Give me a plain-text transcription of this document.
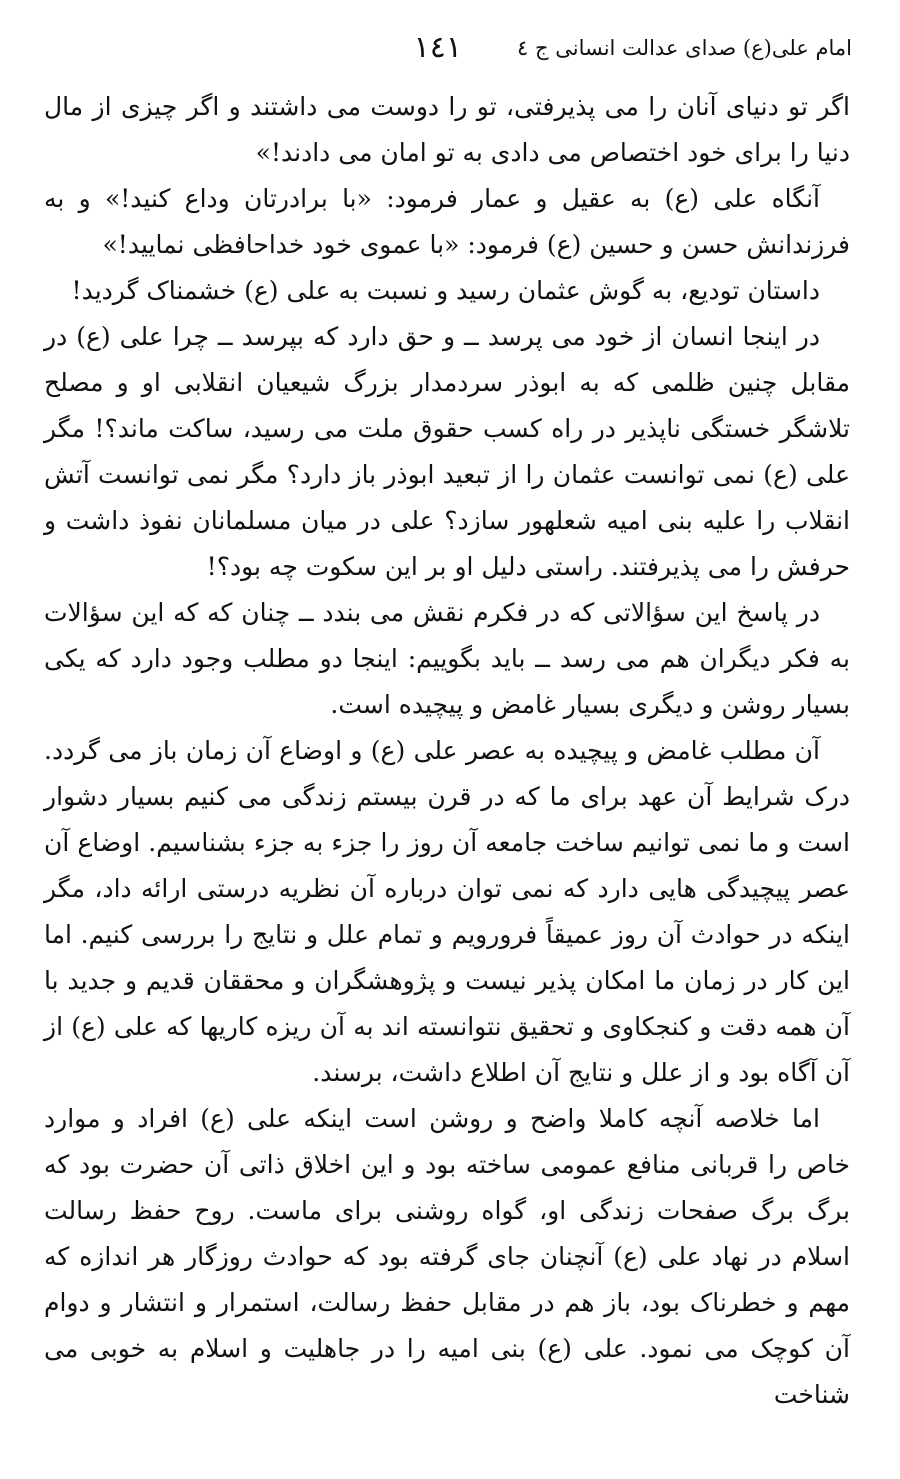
امام علی(ع) صدای عدالت انسانی ج ٤
١٤١

اگر تو دنیای آنان را می پذیرفتی، تو را دوست می داشتند و اگر چیزی از مال دنیا را برای خود اختصاص می دادی به تو امان می دادند!»

آنگاه علی (ع) به عقیل و عمار فرمود: «با برادرتان وداع کنید!» و به فرزندانش حسن و حسین (ع) فرمود: «با عموی خود خداحافظی نمایید!»

داستان تودیع، به گوش عثمان رسید و نسبت به علی (ع) خشمناک گردید!

در اینجا انسان از خود می پرسد ــ و حق دارد که بپرسد ــ چرا علی (ع) در مقابل چنین ظلمی که به ابوذر سردمدار بزرگ شیعیان انقلابی او و مصلح تلاشگر خستگی ناپذیر در راه کسب حقوق ملت می رسید، ساکت ماند؟! مگر علی (ع) نمی توانست عثمان را از تبعید ابوذر باز دارد؟ مگر نمی توانست آتش انقلاب را علیه بنی امیه شعلهور سازد؟ علی در میان مسلمانان نفوذ داشت و حرفش را می پذیرفتند. راستی دلیل او بر این سکوت چه بود؟!

در پاسخ این سؤالاتی که در فکرم نقش می بندد ــ چنان که که این سؤالات به فکر دیگران هم می رسد ــ باید بگوییم: اینجا دو مطلب وجود دارد که یکی بسیار روشن و دیگری بسیار غامض و پیچیده است.

آن مطلب غامض و پیچیده به عصر علی (ع) و اوضاع آن زمان باز می گردد. درک شرایط آن عهد برای ما که در قرن بیستم زندگی می کنیم بسیار دشوار است و ما نمی توانیم ساخت جامعه آن روز را جزء به جزء بشناسیم. اوضاع آن عصر پیچیدگی هایی دارد که نمی توان درباره آن نظریه درستی ارائه داد، مگر اینکه در حوادث آن روز عمیقاً فرورویم و تمام علل و نتایج را بررسی کنیم. اما این کار در زمان ما امکان پذیر نیست و پژوهشگران و محققان قدیم و جدید با آن همه دقت و کنجکاوی و تحقیق نتوانسته اند به آن ریزه کاریها که علی (ع) از آن آگاه بود و از علل و نتایج آن اطلاع داشت، برسند.

اما خلاصه آنچه کاملا واضح و روشن است اینکه علی (ع) افراد و موارد خاص را قربانی منافع عمومی ساخته بود و این اخلاق ذاتی آن حضرت بود که برگ برگ صفحات زندگی او، گواه روشنی برای ماست. روح حفظ رسالت اسلام در نهاد علی (ع) آنچنان جای گرفته بود که حوادث روزگار هر اندازه که مهم و خطرناک بود، باز هم در مقابل حفظ رسالت، استمرار و انتشار و دوام آن کوچک می نمود. علی (ع) بنی امیه را در جاهلیت و اسلام به خوبی می شناخت
